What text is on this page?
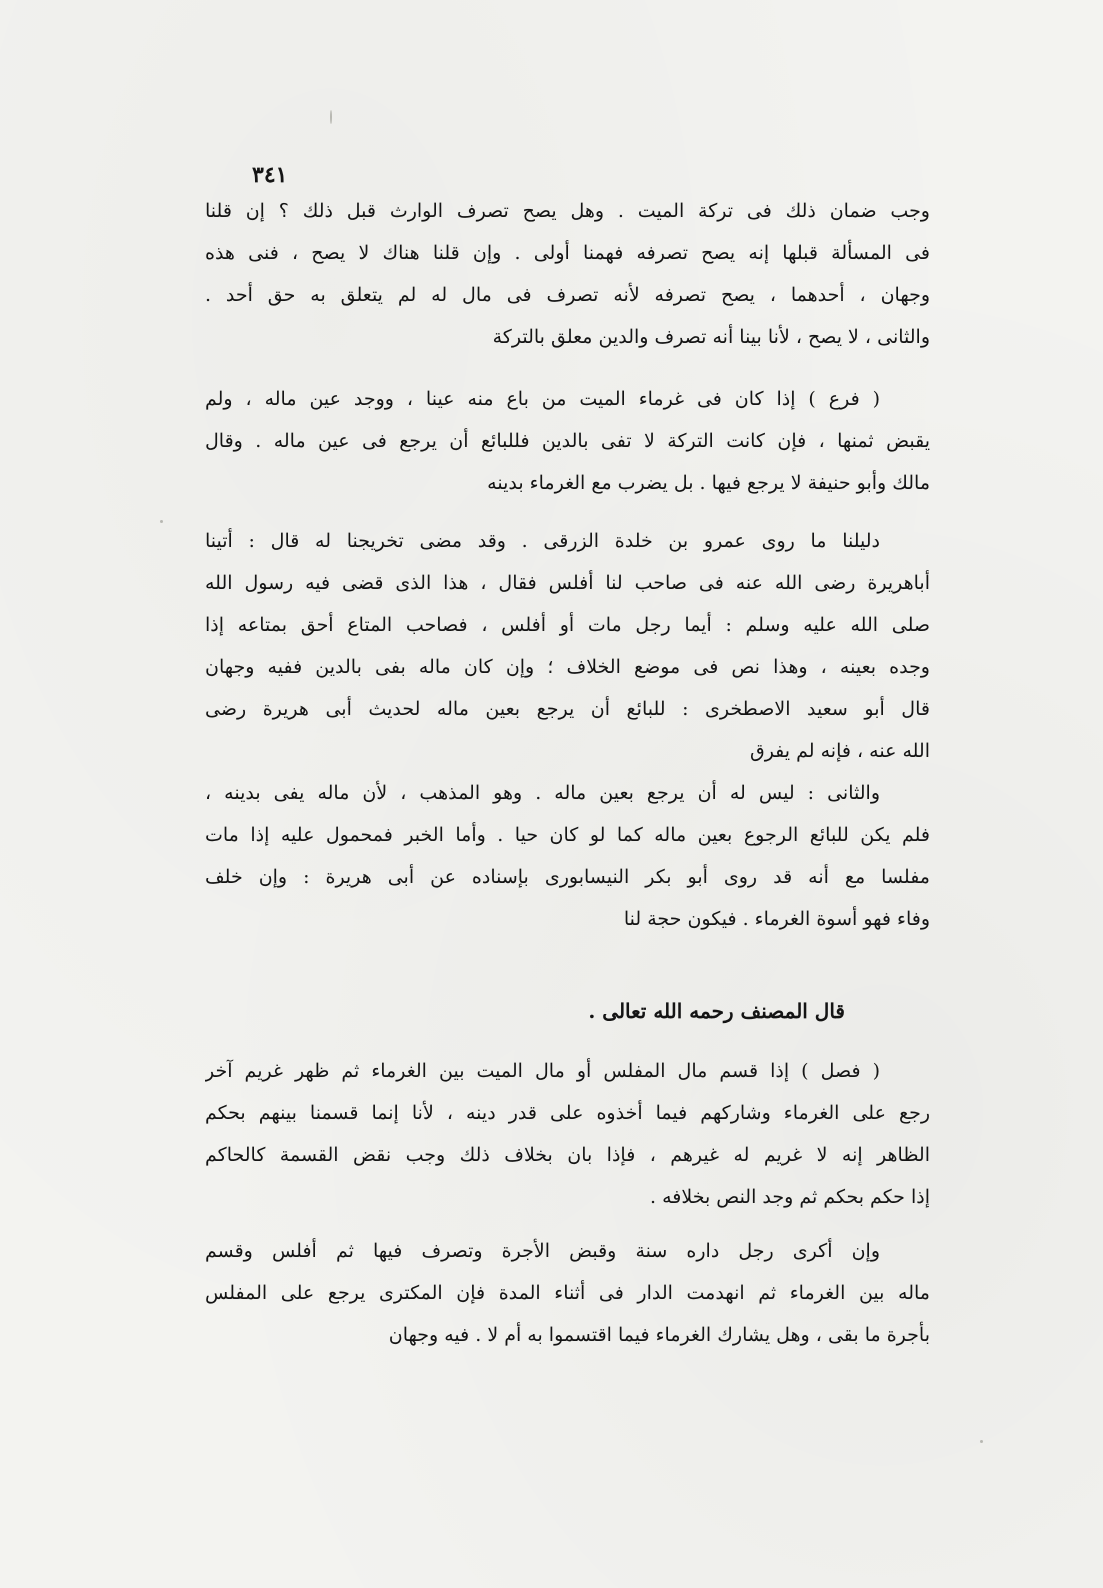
٣٤١
وجب ضمان ذلك فى تركة الميت . وهل يصح تصرف الوارث قبل ذلك ؟ إن قلنا
فى المسألة قبلها إنه يصح تصرفه فهمنا أولى . وإن قلنا هناك لا يصح ، فنى هذه
وجهان ، أحدهما ، يصح تصرفه لأنه تصرف فى مال له لم يتعلق به حق أحد .
والثانى ، لا يصح ، لأنا بينا أنه تصرف والدين معلق بالتركة
( فرع ) إذا كان فى غرماء الميت من باع منه عينا ، ووجد عين ماله ، ولم
يقبض ثمنها ، فإن كانت التركة لا تفى بالدين فللبائع أن يرجع فى عين ماله . وقال
مالك وأبو حنيفة لا يرجع فيها . بل يضرب مع الغرماء بدينه
دليلنا ما روى عمرو بن خلدة الزرقى . وقد مضى تخريجنا له قال : أتينا
أباهريرة رضى الله عنه فى صاحب لنا أفلس فقال ، هذا الذى قضى فيه رسول الله
صلى الله عليه وسلم : أيما رجل مات أو أفلس ، فصاحب المتاع أحق بمتاعه إذا
وجده بعينه ، وهذا نص فى موضع الخلاف ؛ وإن كان ماله بفى بالدين ففيه وجهان
قال أبو سعيد الاصطخرى : للبائع أن يرجع بعين ماله لحديث أبى هريرة رضى
الله عنه ، فإنه لم يفرق
والثانى : ليس له أن يرجع بعين ماله . وهو المذهب ، لأن ماله يفى بدينه ،
فلم يكن للبائع الرجوع بعين ماله كما لو كان حيا . وأما الخبر فمحمول عليه إذا مات
مفلسا مع أنه قد روى أبو بكر النيسابورى بإسناده عن أبى هريرة : وإن خلف
وفاء فهو أسوة الغرماء . فيكون حجة لنا
قال المصنف رحمه الله تعالى .
( فصل ) إذا قسم مال المفلس أو مال الميت بين الغرماء ثم ظهر غريم آخر
رجع على الغرماء وشاركهم فيما أخذوه على قدر دينه ، لأنا إنما قسمنا بينهم بحكم
الظاهر إنه لا غريم له غيرهم ، فإذا بان بخلاف ذلك وجب نقض القسمة كالحاكم
إذا حكم بحكم ثم وجد النص بخلافه .
وإن أكرى رجل داره سنة وقبض الأجرة وتصرف فيها ثم أفلس وقسم
ماله بين الغرماء ثم انهدمت الدار فى أثناء المدة فإن المكترى يرجع على المفلس
بأجرة ما بقى ، وهل يشارك الغرماء فيما اقتسموا به أم لا . فيه وجهان
